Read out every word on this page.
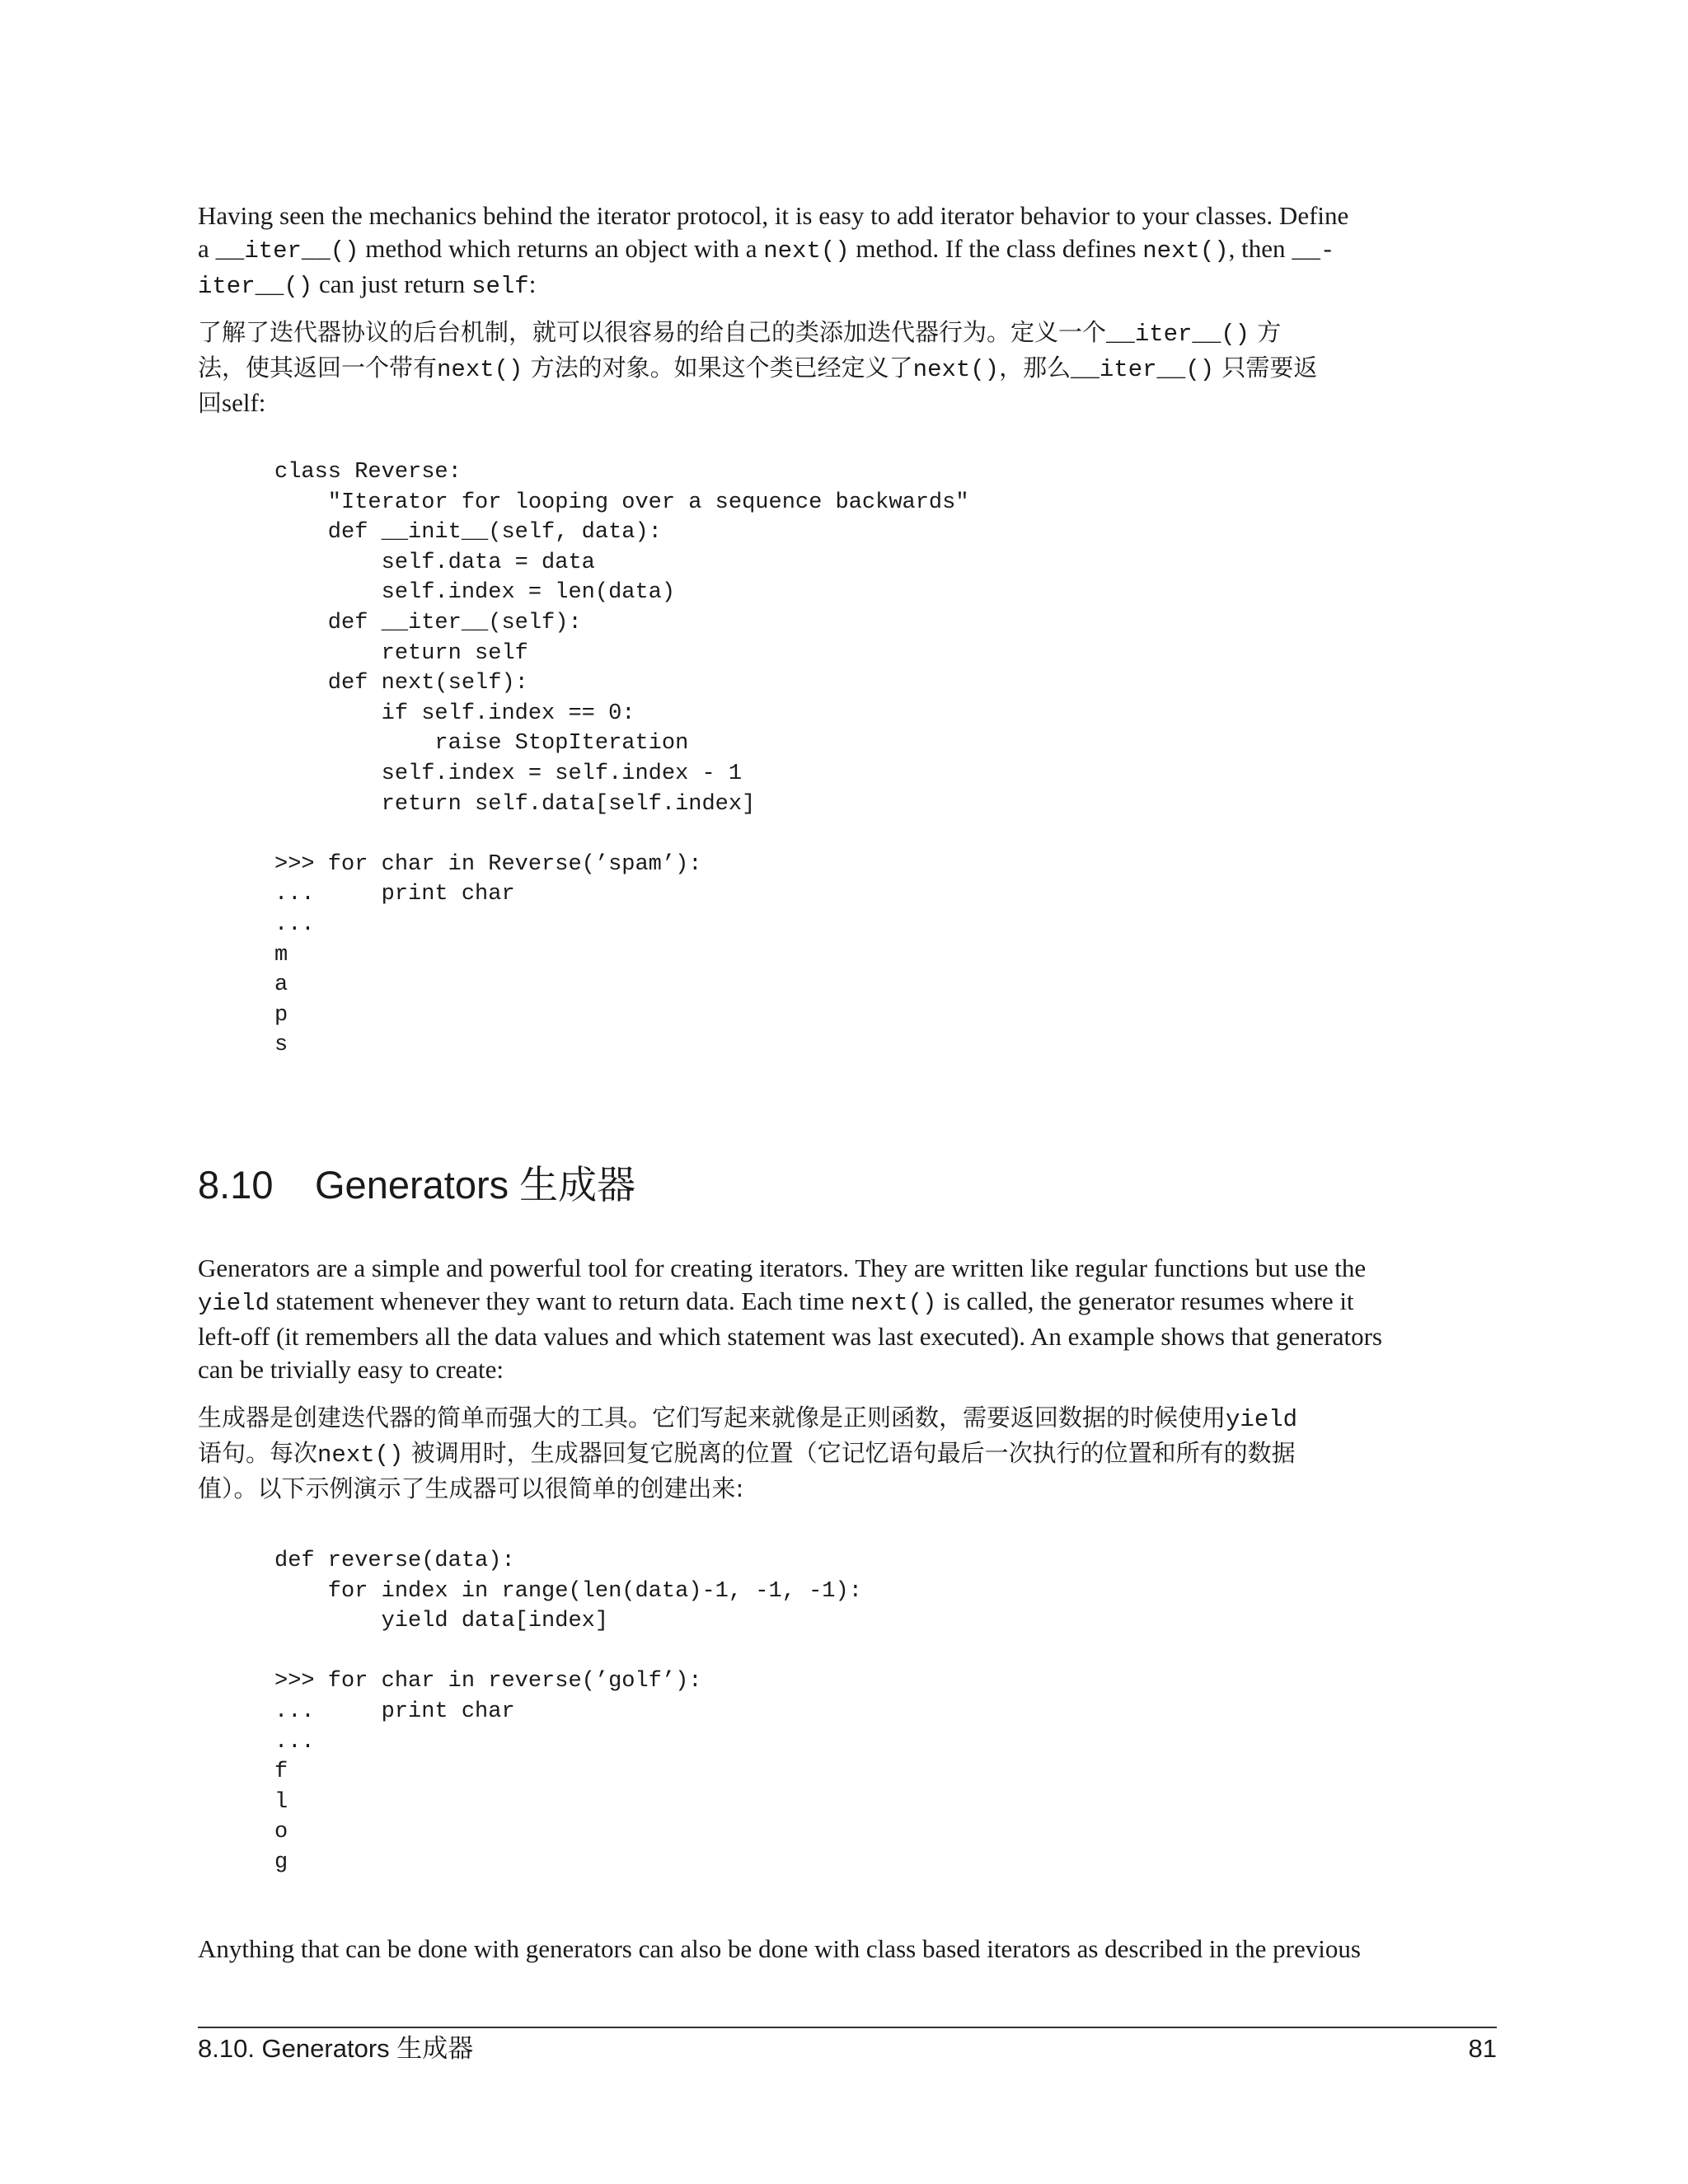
Having seen the mechanics behind the iterator protocol, it is easy to add iterator behavior to your classes. Define
a __iter__() method which returns an object with a next() method. If the class defines next(), then __-
iter__() can just return self:
了解了迭代器协议的后台机制，就可以很容易的给自己的类添加迭代器行为。定义一个__iter__() 方
法，使其返回一个带有next() 方法的对象。如果这个类已经定义了next()，那么__iter__() 只需要返
回self:
class Reverse:
"Iterator for looping over a sequence backwards"
def __init__(self, data):
self.data = data
self.index = len(data)
def __iter__(self):
return self
def next(self):
if self.index == 0:
raise StopIteration
self.index = self.index - 1
return self.data[self.index]

>>> for char in Reverse(’spam’):
...     print char
...
m
a
p
s
8.10 Generators 生成器
Generators are a simple and powerful tool for creating iterators. They are written like regular functions but use the
yield statement whenever they want to return data. Each time next() is called, the generator resumes where it
left-off (it remembers all the data values and which statement was last executed). An example shows that generators
can be trivially easy to create:
生成器是创建迭代器的简单而强大的工具。它们写起来就像是正则函数，需要返回数据的时候使用yield
语句。每次next() 被调用时，生成器回复它脱离的位置（它记忆语句最后一次执行的位置和所有的数据
值）。以下示例演示了生成器可以很简单的创建出来:
def reverse(data):
for index in range(len(data)-1, -1, -1):
yield data[index]

>>> for char in reverse(’golf’):
...     print char
...
f
l
o
g

Anything that can be done with generators can also be done with class based iterators as described in the previous

8.10. Generators 生成器	81
